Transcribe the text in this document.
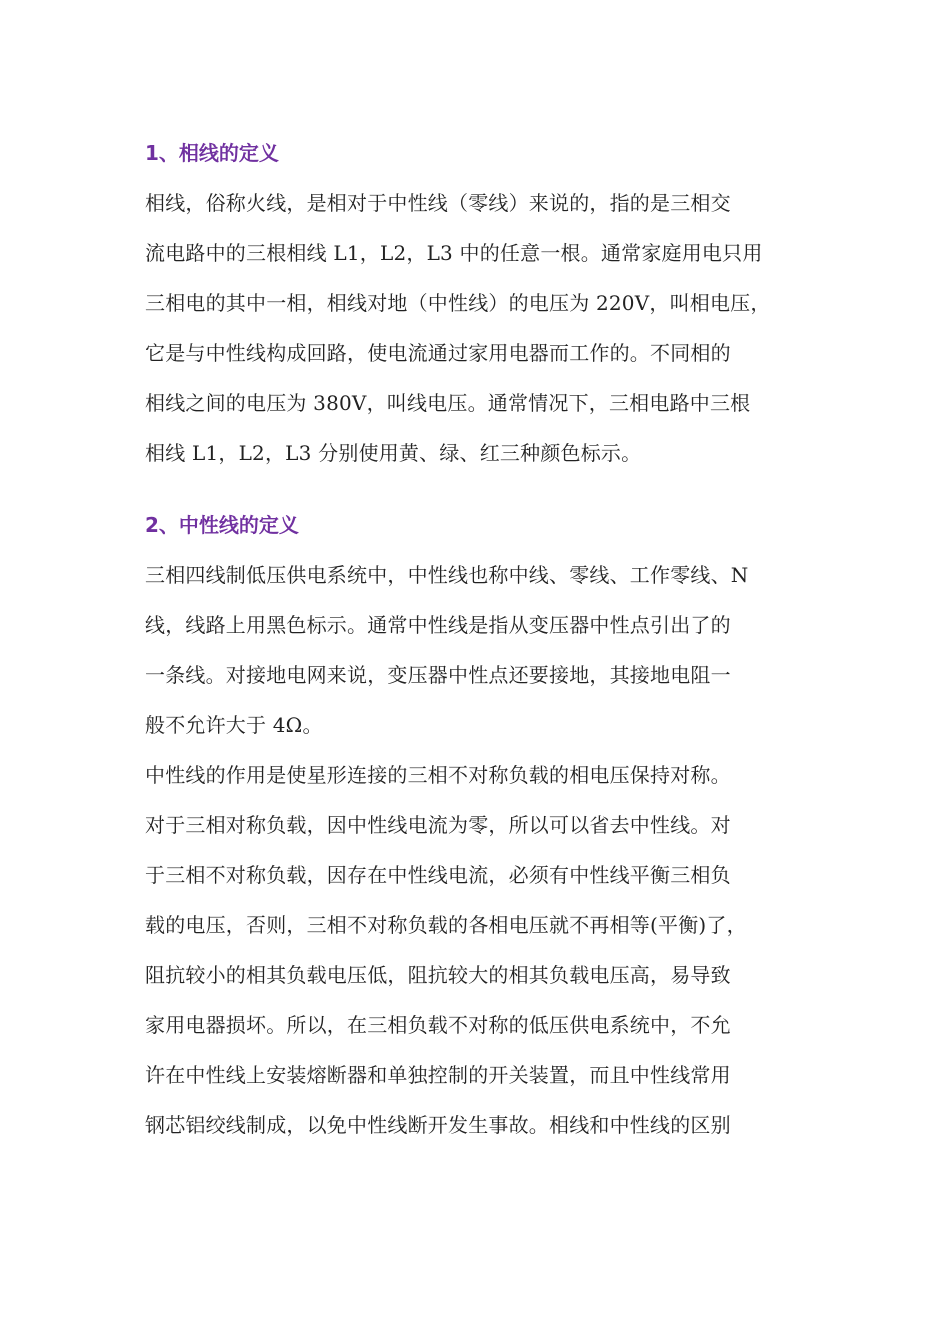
1、相线的定义
相线，俗称火线，是相对于中性线（零线）来说的，指的是三相交
流电路中的三根相线 L1，L2，L3 中的任意一根。通常家庭用电只用
三相电的其中一相，相线对地（中性线）的电压为 220V，叫相电压，
它是与中性线构成回路，使电流通过家用电器而工作的。不同相的
相线之间的电压为 380V，叫线电压。通常情况下，三相电路中三根
相线 L1，L2，L3 分别使用黄、绿、红三种颜色标示。
2、中性线的定义
三相四线制低压供电系统中，中性线也称中线、零线、工作零线、N
线，线路上用黑色标示。通常中性线是指从变压器中性点引出了的
一条线。对接地电网来说，变压器中性点还要接地，其接地电阻一
般不允许大于 4Ω。
中性线的作用是使星形连接的三相不对称负载的相电压保持对称。
对于三相对称负载，因中性线电流为零，所以可以省去中性线。对
于三相不对称负载，因存在中性线电流，必须有中性线平衡三相负
载的电压，否则，三相不对称负载的各相电压就不再相等(平衡)了，
阻抗较小的相其负载电压低，阻抗较大的相其负载电压高，易导致
家用电器损坏。所以，在三相负载不对称的低压供电系统中，不允
许在中性线上安装熔断器和单独控制的开关装置，而且中性线常用
钢芯铝绞线制成，以免中性线断开发生事故。相线和中性线的区别
